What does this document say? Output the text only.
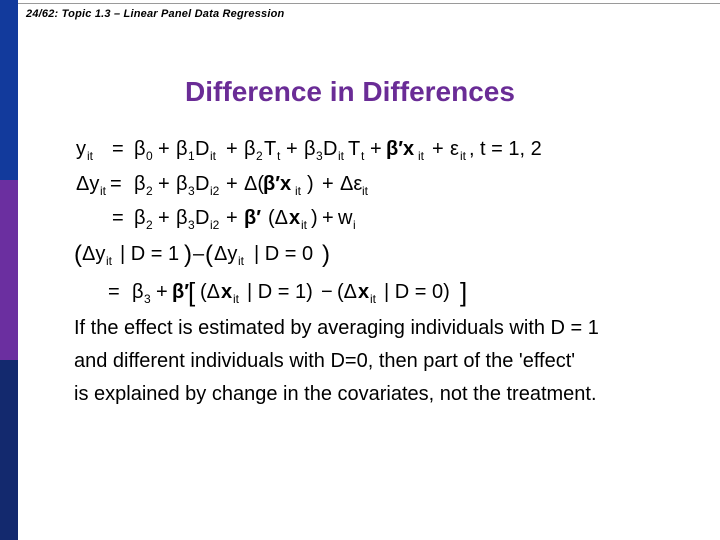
24/62: Topic 1.3 – Linear Panel Data Regression
Difference in Differences
y it = β 0 + β 1 D it + β 2 T t + β 3 D it T t + β′x it + ε it , t = 1, 2
Δy it = β 2 + β 3 D i2 + Δ(
β′x it ) + Δε it
= β 2 + β 3 D i2 + β′ (Δ x it ) + w i
( Δy it | D = 1 ) – ( Δy it | D = 0 )
= β 3 + β′
[ (Δ x it | D = 1) − (Δ x it | D = 0) ]
If the effect is estimated by averaging individuals with D = 1
and different individuals with D=0, then part of the 'effect'
is explained by change in the covariates, not the treatment.
